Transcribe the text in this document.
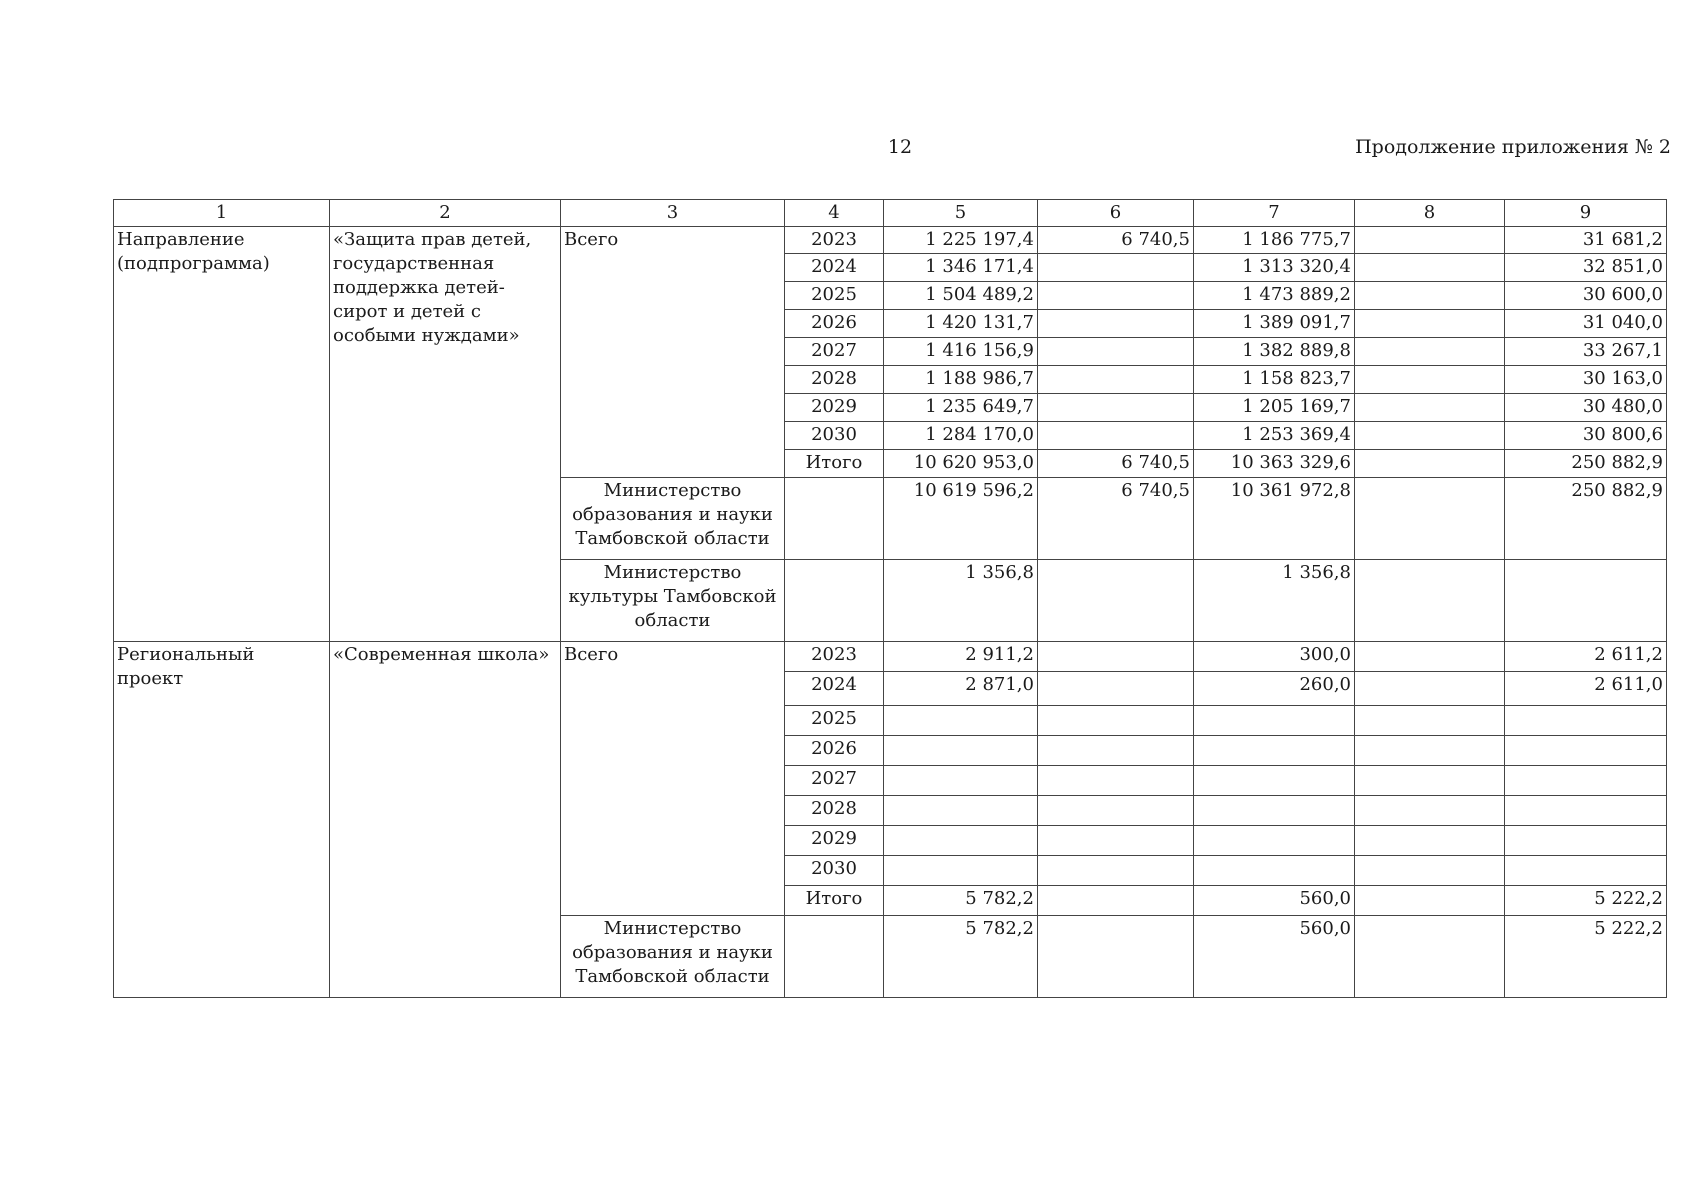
12	Продолжение приложения № 2
1	2	3	4	5	6	7	8	9
Направление (подпрограмма)	«Защита прав детей, государственная поддержка детей-сирот и детей с особыми нуждами»	Всего	2023	1 225 197,4	6 740,5	1 186 775,7		31 681,2
			2024	1 346 171,4		1 313 320,4		32 851,0
			2025	1 504 489,2		1 473 889,2		30 600,0
			2026	1 420 131,7		1 389 091,7		31 040,0
			2027	1 416 156,9		1 382 889,8		33 267,1
			2028	1 188 986,7		1 158 823,7		30 163,0
			2029	1 235 649,7		1 205 169,7		30 480,0
			2030	1 284 170,0		1 253 369,4		30 800,6
			Итого	10 620 953,0	6 740,5	10 363 329,6		250 882,9
		Министерство образования и науки Тамбовской области		10 619 596,2	6 740,5	10 361 972,8		250 882,9
		Министерство культуры Тамбовской области		1 356,8		1 356,8		
Региональный проект	«Современная школа»	Всего	2023	2 911,2		300,0		2 611,2
			2024	2 871,0		260,0		2 611,0
			2025					
			2026					
			2027					
			2028					
			2029					
			2030					
			Итого	5 782,2		560,0		5 222,2
		Министерство образования и науки Тамбовской области		5 782,2		560,0		5 222,2
